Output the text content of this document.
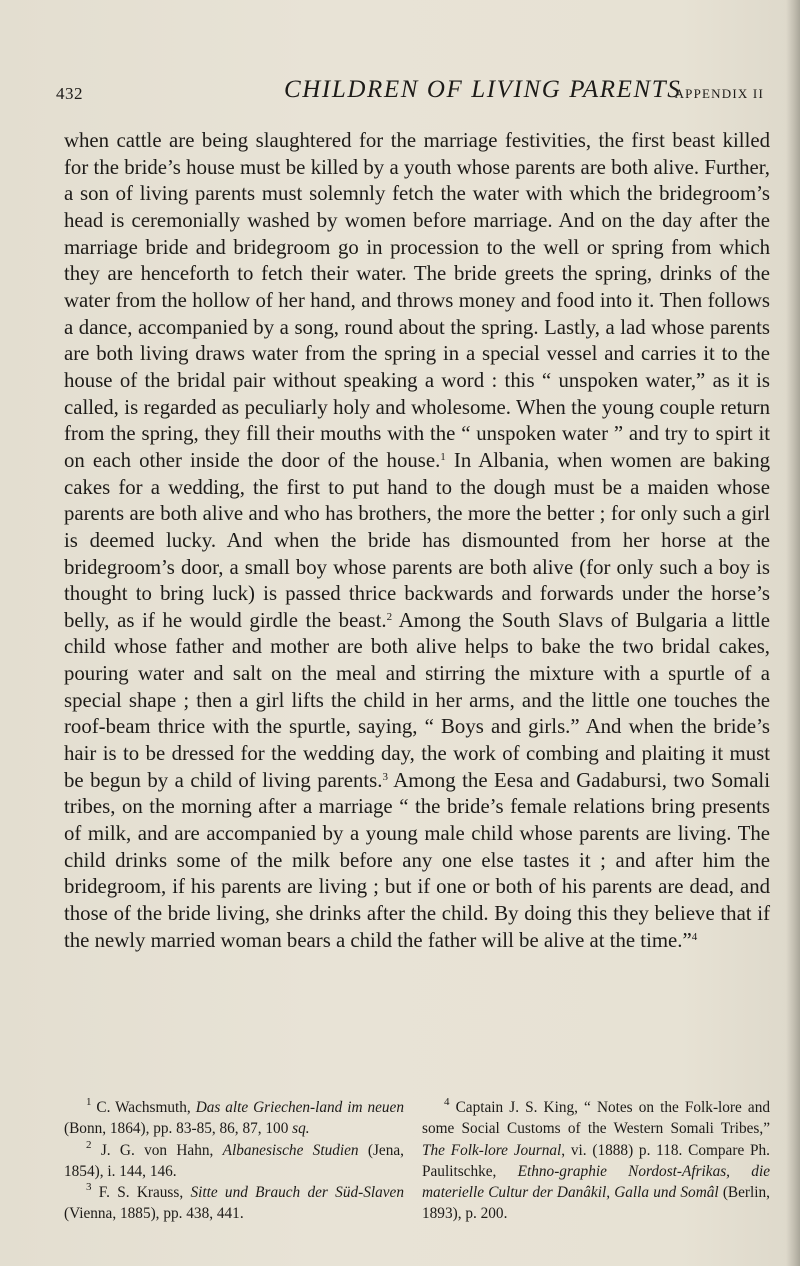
432	CHILDREN OF LIVING PARENTS
APPENDIX II

when cattle are being slaughtered for the marriage festivities, the first beast killed for the bride’s house must be killed by a youth whose parents are both alive. Further, a son of living parents must solemnly fetch the water with which the bridegroom’s head is ceremonially washed by women before marriage. And on the day after the marriage bride and bridegroom go in procession to the well or spring from which they are henceforth to fetch their water. The bride greets the spring, drinks of the water from the hollow of her hand, and throws money and food into it. Then follows a dance, accompanied by a song, round about the spring. Lastly, a lad whose parents are both living draws water from the spring in a special vessel and carries it to the house of the bridal pair without speaking a word : this “ unspoken water,” as it is called, is regarded as peculiarly holy and wholesome. When the young couple return from the spring, they fill their mouths with the “ unspoken water ” and try to spirt it on each other inside the door of the house.$^1$ In Albania, when women are baking cakes for a wedding, the first to put hand to the dough must be a maiden whose parents are both alive and who has brothers, the more the better ; for only such a girl is deemed lucky. And when the bride has dismounted from her horse at the bridegroom’s door, a small boy whose parents are both alive (for only such a boy is thought to bring luck) is passed thrice backwards and forwards under the horse’s belly, as if he would girdle the beast.$^2$ Among the South Slavs of Bulgaria a little child whose father and mother are both alive helps to bake the two bridal cakes, pouring water and salt on the meal and stirring the mixture with a spurtle of a special shape ; then a girl lifts the child in her arms, and the little one touches the roof-beam thrice with the spurtle, saying, “ Boys and girls.” And when the bride’s hair is to be dressed for the wedding day, the work of combing and plaiting it must be begun by a child of living parents.$^3$ Among the Eesa and Gadabursi, two Somali tribes, on the morning after a marriage “ the bride’s female relations bring presents of milk, and are accompanied by a young male child whose parents are living. The child drinks some of the milk before any one else tastes it ; and after him the bridegroom, if his parents are living ; but if one or both of his parents are dead, and those of the bride living, she drinks after the child. By doing this they believe that if the newly married woman bears a child the father will be alive at the time.”$^4$

$^1$ C. Wachsmuth, Das alte Griechen-land im neuen (Bonn, 1864), pp. 83-85, 86, 87, 100 sq.

$^2$ J. G. von Hahn, Albanesische Studien (Jena, 1854), i. 144, 146.

$^3$ F. S. Krauss, Sitte und Brauch der Süd-Slaven (Vienna, 1885), pp. 438, 441.

$^4$ Captain J. S. King, “ Notes on the Folk-lore and some Social Customs of the Western Somali Tribes,” The Folk-lore Journal, vi. (1888) p. 118. Compare Ph. Paulitschke, Ethno-graphie Nordost-Afrikas, die materielle Cultur der Danâkil, Galla und Somâl (Berlin, 1893), p. 200.
